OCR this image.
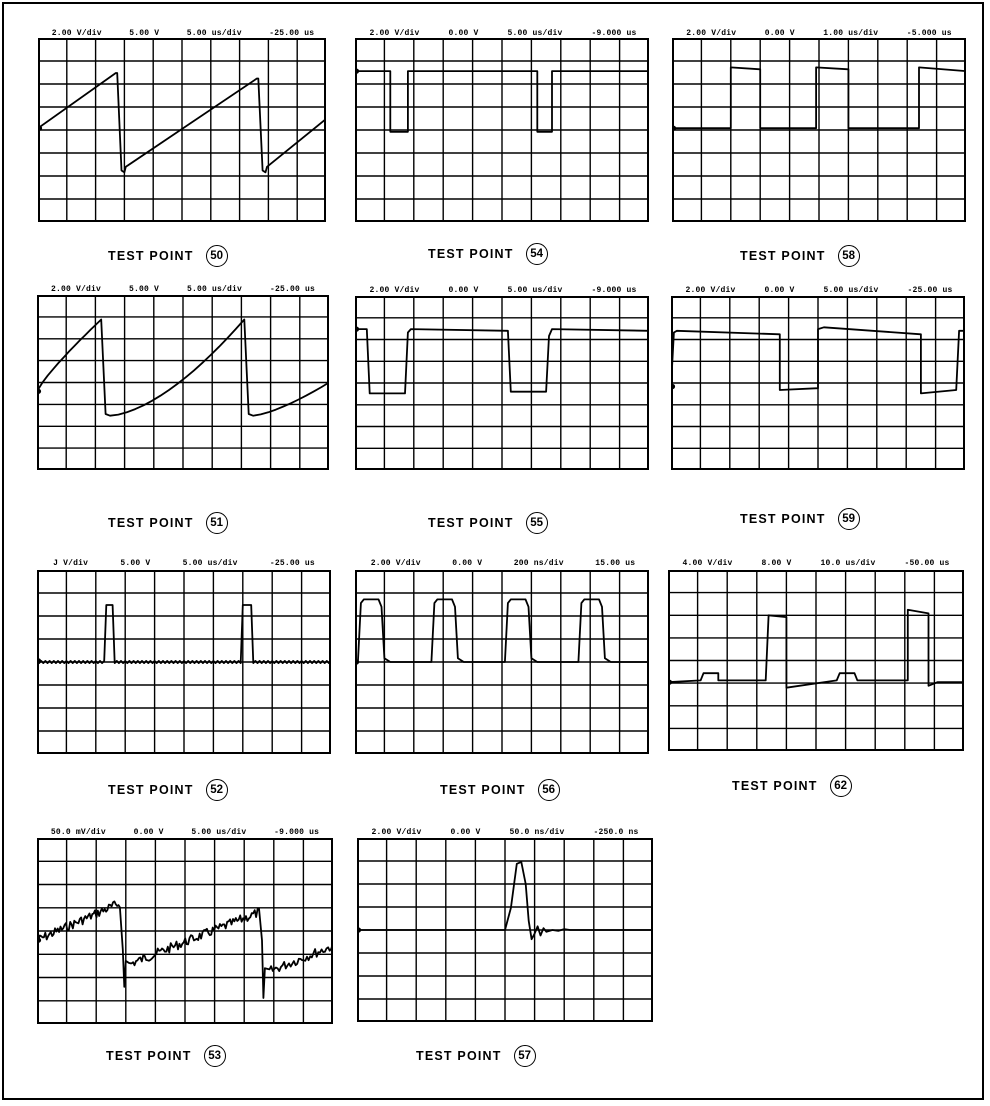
2.00 V/div	5.00 V	5.00 us/div	-25.00 us
TEST POINT	50
2.00 V/div	0.00 V	5.00 us/div	-9.000 us
TEST POINT	54
2.00 V/div	0.00 V	1.00 us/div	-5.000 us
TEST POINT	58
2.00 V/div	5.00 V	5.00 us/div	-25.00 us
TEST POINT	51
2.00 V/div	0.00 V	5.00 us/div	-9.000 us
TEST POINT	55
2.00 V/div	0.00 V	5.00 us/div	-25.00 us
TEST POINT	59
J V/div	5.00 V	5.00 us/div	-25.00 us
TEST POINT	52
2.00 V/div	0.00 V	200 ns/div	15.00 us
TEST POINT	56
4.00 V/div	8.00 V	10.0 us/div	-50.00 us
TEST POINT	62
50.0 mV/div	0.00 V	5.00 us/div	-9.000 us
TEST POINT	53
2.00 V/div	0.00 V	50.0 ns/div	-250.0 ns
TEST POINT	57
